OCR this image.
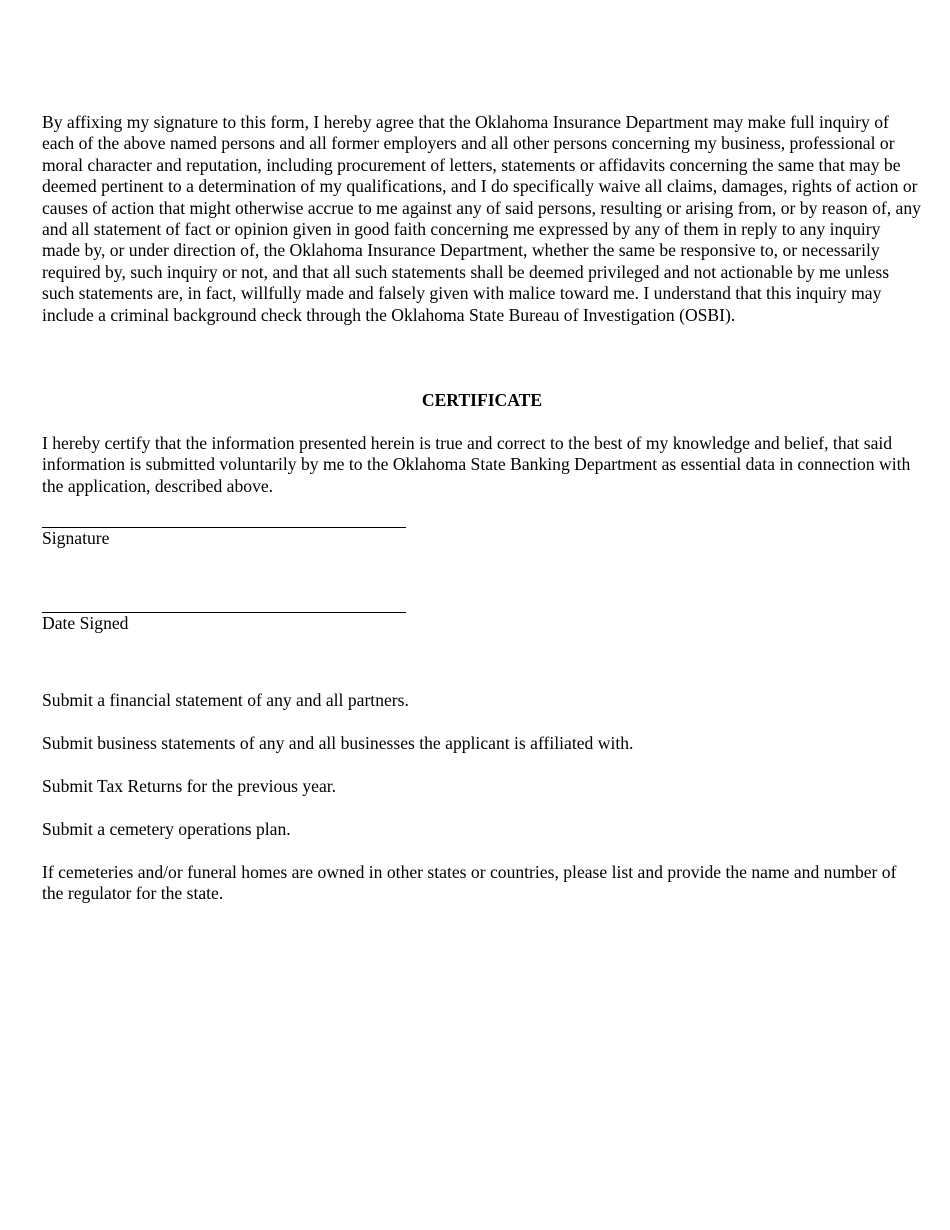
By affixing my signature to this form, I hereby agree that the Oklahoma Insurance Department may make full inquiry of each of the above named persons and all former employers and all other persons concerning my business, professional or moral character and reputation, including procurement of letters, statements or affidavits concerning the same that may be deemed pertinent to a determination of my qualifications, and I do specifically waive all claims, damages, rights of action or causes of action that might otherwise accrue to me against any of said persons, resulting or arising from, or by reason of, any and all statement of fact or opinion given in good faith concerning me expressed by any of them in reply to any inquiry made by, or under direction of, the Oklahoma Insurance Department, whether the same be responsive to, or necessarily required by, such inquiry or not, and that all such statements shall be deemed privileged and not actionable by me unless such statements are, in fact, willfully made and falsely given with malice toward me. I understand that this inquiry may include a criminal background check through the Oklahoma State Bureau of Investigation (OSBI).

CERTIFICATE

I hereby certify that the information presented herein is true and correct to the best of my knowledge and belief, that said information is submitted voluntarily by me to the Oklahoma State Banking Department as essential data in connection with the application, described above.

Signature

Date Signed

Submit a financial statement of any and all partners.

Submit business statements of any and all businesses the applicant is affiliated with.

Submit Tax Returns for the previous year.

Submit a cemetery operations plan.

If cemeteries and/or funeral homes are owned in other states or countries, please list and provide the name and number of the regulator for the state.
